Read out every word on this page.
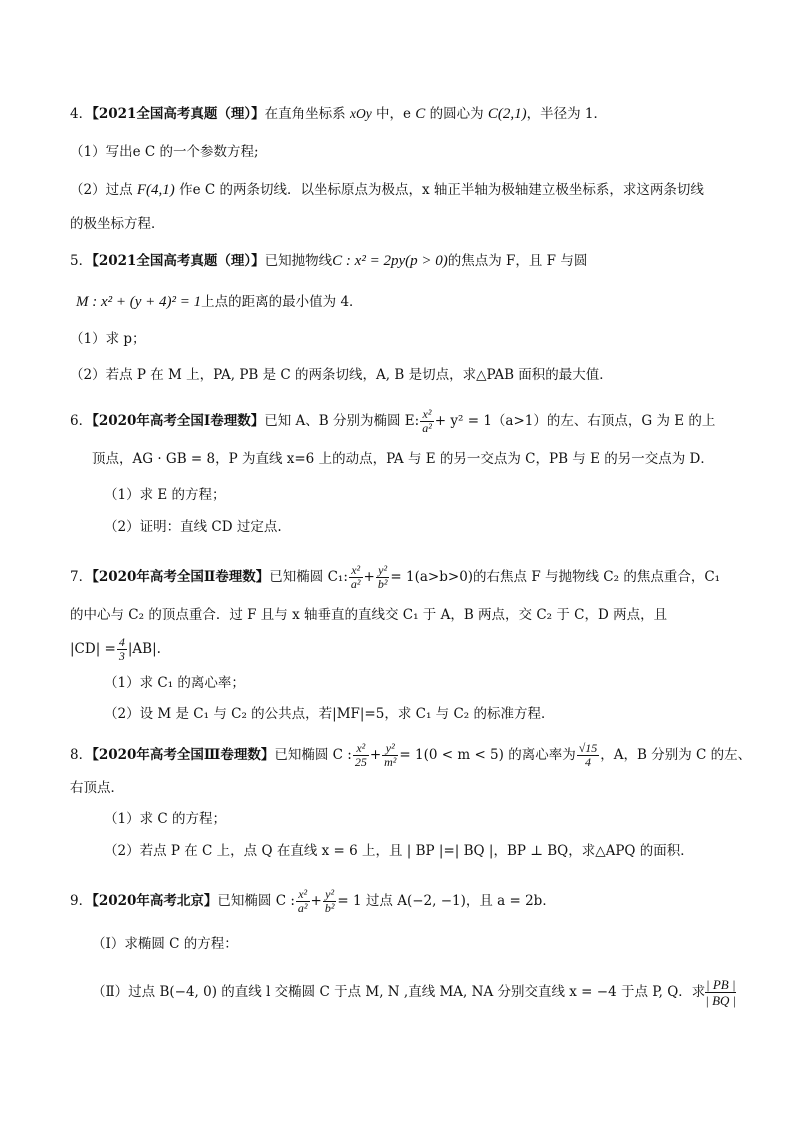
4．【2021全国高考真题（理）】在直角坐标系 xOy 中，e C 的圆心为 C(2,1)，半径为 1．
（1）写出e C 的一个参数方程;
（2）过点 F(4,1) 作e C 的两条切线．以坐标原点为极点，x 轴正半轴为极轴建立极坐标系，求这两条切线
的极坐标方程．
5．【2021全国高考真题（理）】已知抛物线C : x² = 2py(p > 0)的焦点为 F，且 F 与圆
M : x² + (y + 4)² = 1上点的距离的最小值为 4．
（1）求 p；
（2）若点 P 在 M 上，PA, PB 是 C 的两条切线，A, B 是切点，求△PAB 面积的最大值．
6．【2020年高考全国Ⅰ卷理数】已知 A、B 分别为椭圆 E: $\frac{\text{x²}}{\text{a²}} + y^2 = 1(a>1)$的左、右顶点，G 为 E 的上
顶点，AG · GB = 8，P 为直线 x=6 上的动点，PA 与 E 的另一交点为 C，PB 与 E 的另一交点为 D．
（1）求 E 的方程；
（2）证明：直线 CD 过定点.
7．【2020年高考全国Ⅱ卷理数】已知椭圆 C₁: $\frac{\text{x²}}{\text{a²}} + \frac{\text{y²}}{\text{b²}} = 1(a>b>0)$的右焦点 F 与抛物线 C₂ 的焦点重合，C₁
的中心与 C₂ 的顶点重合．过 F 且与 x 轴垂直的直线交 C₁ 于 A，B 两点，交 C₂ 于 C，D 两点，且
$|CD| = \frac{4}{3} |AB|$.
（1）求 C₁ 的离心率；
（2）设 M 是 C₁ 与 C₂ 的公共点，若|MF|=5，求 C₁ 与 C₂ 的标准方程．
8．【2020年高考全国Ⅲ卷理数】已知椭圆 C : $\frac{\text{x²}}{25} + \frac{\text{y²}}{\text{m²}} = 1(0 < m < 5)$ 的离心率为 $\frac{√15}{4}$ ，A，B 分别为 C 的左、
右顶点．
（1）求 C 的方程；
（2）若点 P 在 C 上，点 Q 在直线 x = 6 上，且 | BP |=| BQ |，BP ⊥ BQ，求△APQ 的面积．
9．【2020年高考北京】已知椭圆 C : $\frac{\text{x²}}{\text{a²}} + \frac{\text{y²}}{\text{b²}} = 1$ 过点 A(−2, −1)，且 a = 2b．
（Ⅰ）求椭圆 C 的方程：
（Ⅱ）过点 B(−4, 0) 的直线 l 交椭圆 C 于点 M, N ,直线 MA, NA 分别交直线 x = −4 于点 P, Q．求 $\frac{| PB |}{| BQ |}$
